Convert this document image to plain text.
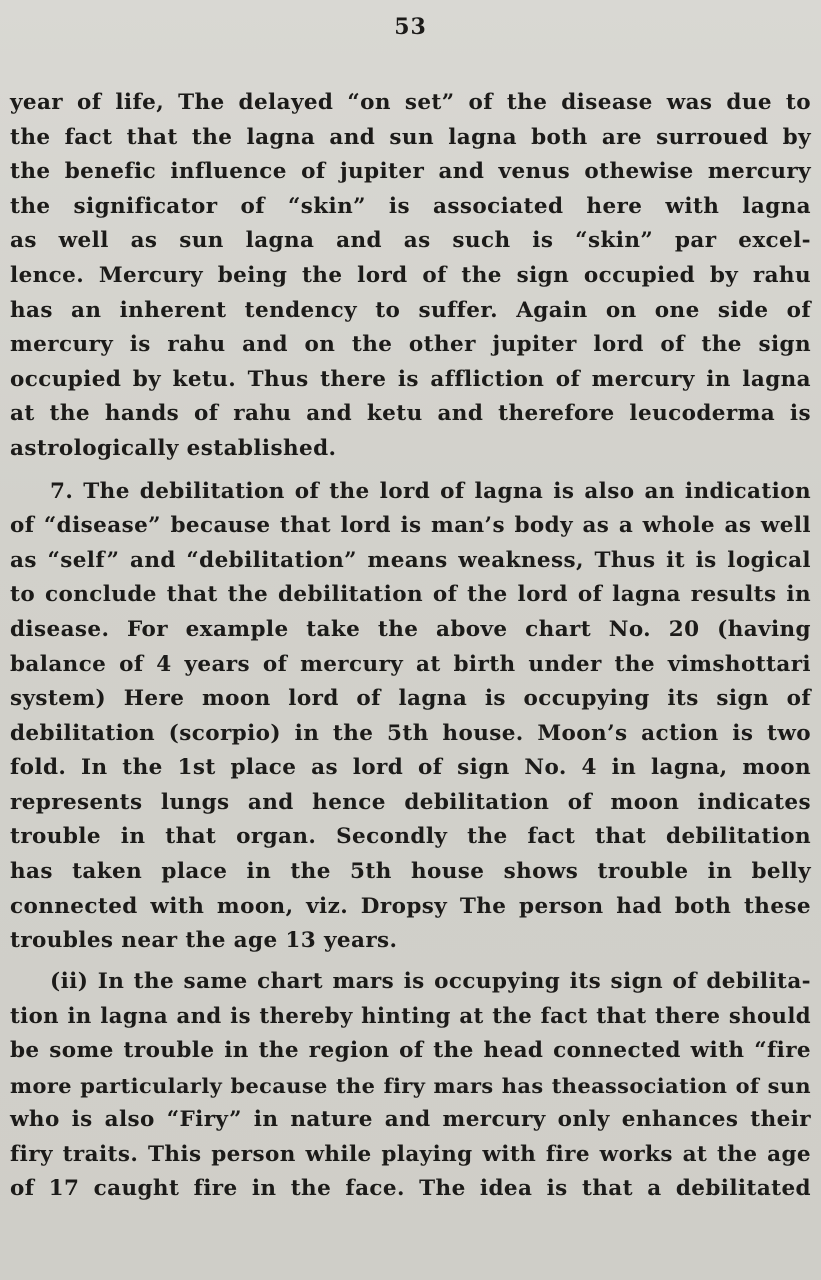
53
year of life, The delayed “on set” of the disease was due to
the fact that the lagna and sun lagna both are surroued by
the benefic influence of jupiter and venus othewise mercury
the significator of “skin” is associated here with lagna
as well as sun lagna and as such is “skin” par excel-
lence. Mercury being the lord of the sign occupied by rahu
has an inherent tendency to suffer. Again on one side of
mercury is rahu and on the other jupiter lord of the sign
occupied by ketu. Thus there is affliction of mercury in lagna
at the hands of rahu and ketu and therefore leucoderma is
astrologically established.
7. The debilitation of the lord of lagna is also an indication
of “disease” because that lord is man’s body as a whole as well
as “self” and “debilitation” means weakness, Thus it is logical
to conclude that the debilitation of the lord of lagna results in
disease. For example take the above chart No. 20 (having
balance of 4 years of mercury at birth under the vimshottari
system) Here moon lord of lagna is occupying its sign of
debilitation (scorpio) in the 5th house. Moon’s action is two
fold. In the 1st place as lord of sign No. 4 in lagna, moon
represents lungs and hence debilitation of moon indicates
trouble in that organ. Secondly the fact that debilitation
has taken place in the 5th house shows trouble in belly
connected with moon, viz. Dropsy The person had both these
troubles near the age 13 years.
(ii) In the same chart mars is occupying its sign of debilita-
tion in lagna and is thereby hinting at the fact that there should
be some trouble in the region of the head connected with “fire
more particularly because the firy mars has theassociation of sun
who is also “Firy” in nature and mercury only enhances their
firy traits. This person while playing with fire works at the age
of 17 caught fire in the face. The idea is that a debilitated
